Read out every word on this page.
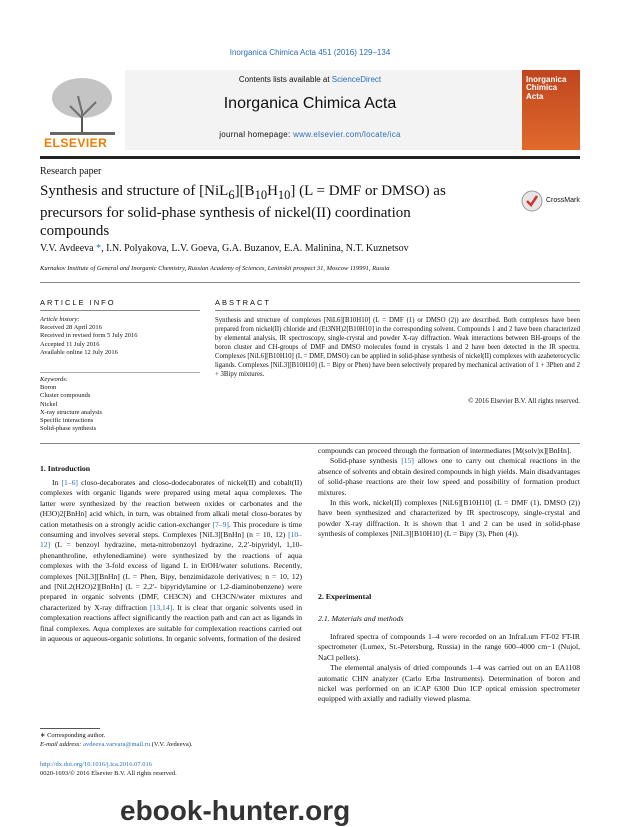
Inorganica Chimica Acta 451 (2016) 129–134
ELSEVIER
Contents lists available at ScienceDirect
Inorganica Chimica Acta
journal homepage: www.elsevier.com/locate/ica
Inorganica Chimica Acta
Research paper
Synthesis and structure of $[NiL_6][B_{10}H_{10}] (L$ = DMF or DMSO) as precursors for solid-phase synthesis of nickel(II) coordination compounds
CrossMark
V.V. Avdeeva *, I.N. Polyakova, L.V. Goeva, G.A. Buzanov, E.A. Malinina, N.T. Kuznetsov
Kurnakov Institute of General and Inorganic Chemistry, Russian Academy of Sciences, Leninskii prospect 31, Moscow 119991, Russia
ARTICLE INFO	ABSTRACT
Article history:
Received 28 April 2016
Received in revised form 5 July 2016
Accepted 11 July 2016
Available online 12 July 2016
Keywords:
Boron
Cluster compounds
Nickel
X-ray structure analysis
Specific interactions
Solid-phase synthesis
Synthesis and structure of complexes [NiL6][B10H10] (L = DMF (1) or DMSO (2)) are described. Both complexes have been prepared from nickel(II) chloride and (Et3NH)2[B10H10] in the corresponding solvent. Compounds 1 and 2 have been characterized by elemental analysis, IR spectroscopy, single-crystal and powder X-ray diffraction. Weak interactions between BH-groups of the boron cluster and CH-groups of DMF and DMSO molecules found in crystals 1 and 2 have been detected in the IR spectra. Complexes [NiL6][B10H10] (L = DMF, DMSO) can be applied in solid-phase synthesis of nickel(II) complexes with azaheterocyclic ligands. Complexes [NiL3][B10H10] (L = Bipy or Phen) have been selectively prepared by mechanical activation of 1 + 3Phen and 2 + 3Bipy mixtures.
© 2016 Elsevier B.V. All rights reserved.
1. Introduction

In [1–6] closo-decaborates and closo-dodecaborates of nickel(II) and cobalt(II) complexes with organic ligands were prepared using metal aqua complexes. The latter were synthesized by the reaction between oxides or carbonates and the (H3O)2[BnHn] acid which, in turn, was obtained from alkali metal closo-borates by cation metathesis on a strongly acidic cation-exchanger [7–9]. This procedure is time consuming and involves several steps. Complexes [NiL3][BnHn] (n = 10, 12) [10–12] (L = benzoyl hydrazine, meta-nitrobenzoyl hydrazine, 2,2′-bipyridyl, 1,10-phenanthroline, ethylenediamine) were synthesized by the reactions of aqua complexes with the 3-fold excess of ligand L in EtOH/water solutions. Recently, complexes [NiL3][BnHn] (L = Phen, Bipy, benzimidazole derivatives; n = 10, 12) and [NiL2(H2O)2][BnHn] (L = 2,2′- bipyridylamine or 1,2-diaminobenzene) were prepared in organic solvents (DMF, CH3CN) and CH3CN/water mixtures and characterized by X-ray diffraction [13,14]. It is clear that organic solvents used in complexation reactions affect significantly the reaction path and can act as ligands in final complexes. Aqua complexes are suitable for complexation reactions carried out in aqueous or aqueous-organic solutions. In organic solvents, formation of the desired

compounds can proceed through the formation of intermediates [M(solv)x][BnHn].

Solid-phase synthesis [15] allows one to carry out chemical reactions in the absence of solvents and obtain desired compounds in high yields. Main disadvantages of solid-phase reactions are their low speed and possibility of formation product mixtures.

In this work, nickel(II) complexes [NiL6][B10H10] (L = DMF (1), DMSO (2)) have been synthesized and characterized by IR spectroscopy, single-crystal and powder X-ray diffraction. It is shown that 1 and 2 can be used in solid-phase synthesis of complexes [NiL3][B10H10] (L = Bipy (3), Phen (4)).

2. Experimental
2.1. Materials and methods

Infrared spectra of compounds 1–4 were recorded on an InfraLum FT-02 FT-IR spectrometer (Lumex, St.-Petersburg, Russia) in the range 600–4000 cm−1 (Nujol, NaCl pellets).

The elemental analysis of dried compounds 1–4 was carried out on an EA1108 automatic CHN analyzer (Carlo Erba Instruments). Determination of boron and nickel was performed on an iCAP 6300 Duo ICP optical emission spectrometer equipped with axially and radially viewed plasma.

∗ Corresponding author.
E-mail address: avdeeva.varvara@mail.ru (V.V. Avdeeva).
http://dx.doi.org/10.1016/j.ica.2016.07.016
0020-1693/© 2016 Elsevier B.V. All rights reserved.
ebook-hunter.org
